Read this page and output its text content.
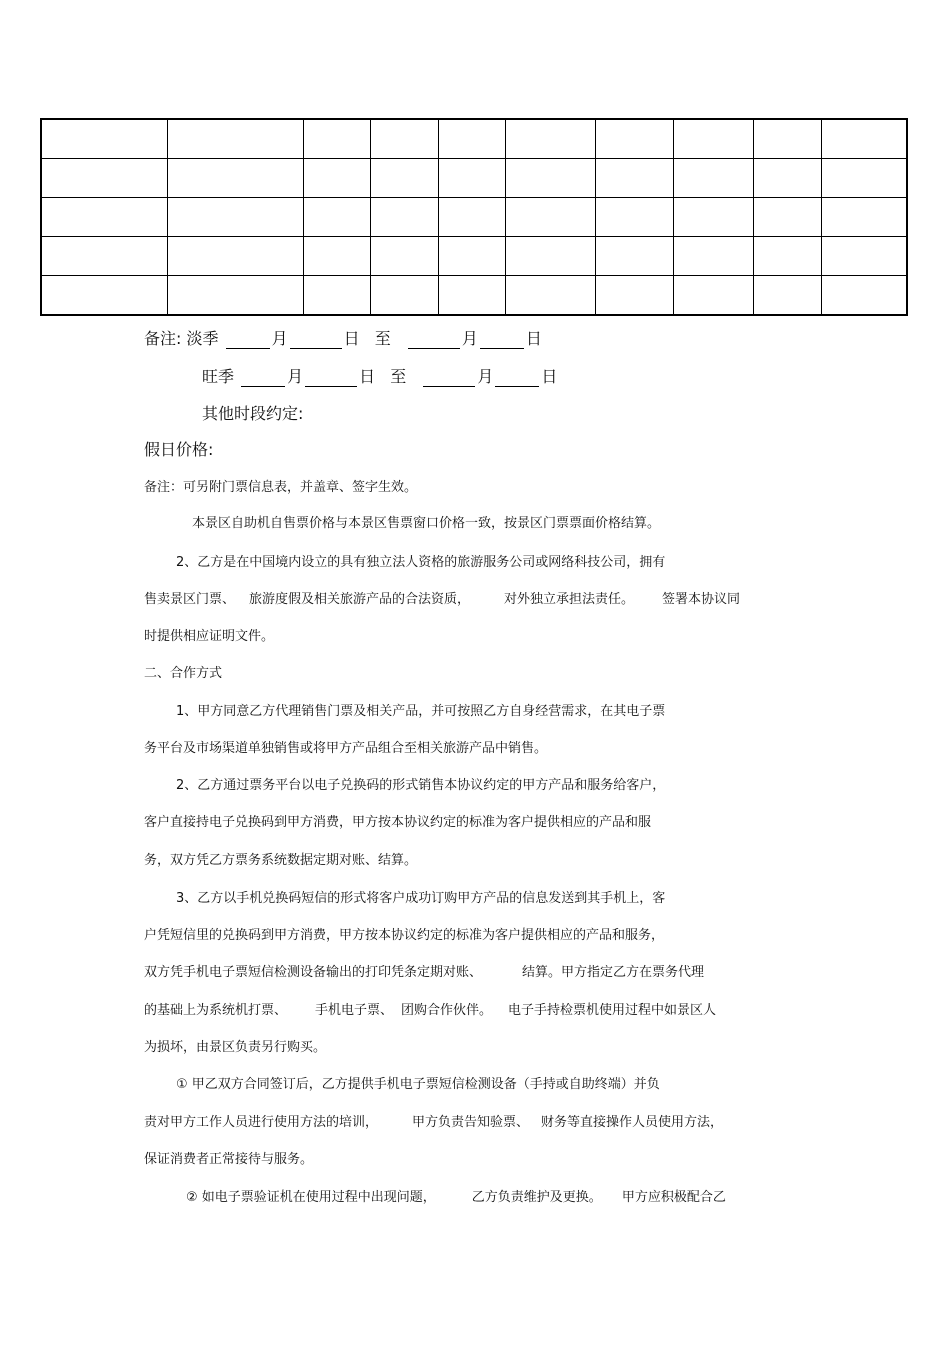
备注: 淡季	月	日 至	月	日
旺季	月	日 至	月	日
其他时段约定:
假日价格:
备注：可另附门票信息表，并盖章、签字生效。
本景区自助机自售票价格与本景区售票窗口价格一致，按景区门票票面价格结算。
2、乙方是在中国境内设立的具有独立法人资格的旅游服务公司或网络科技公司，拥有
售卖景区门票、 旅游度假及相关旅游产品的合法资质，	对外独立承担法责任。 签署本协议同
时提供相应证明文件。
二、合作方式
1、甲方同意乙方代理销售门票及相关产品，并可按照乙方自身经营需求，在其电子票
务平台及市场渠道单独销售或将甲方产品组合至相关旅游产品中销售。
2、乙方通过票务平台以电子兑换码的形式销售本协议约定的甲方产品和服务给客户，
客户直接持电子兑换码到甲方消费，甲方按本协议约定的标准为客户提供相应的产品和服
务，双方凭乙方票务系统数据定期对账、结算。
3、乙方以手机兑换码短信的形式将客户成功订购甲方产品的信息发送到其手机上，客
户凭短信里的兑换码到甲方消费，甲方按本协议约定的标准为客户提供相应的产品和服务，
双方凭手机电子票短信检测设备输出的打印凭条定期对账、	结算。甲方指定乙方在票务代理
的基础上为系统机打票、 手机电子票、 团购合作伙伴。 电子手持检票机使用过程中如景区人
为损坏，由景区负责另行购买。
① 甲乙双方合同签订后，乙方提供手机电子票短信检测设备（手持或自助终端）并负
责对甲方工作人员进行使用方法的培训，	甲方负责告知验票、 财务等直接操作人员使用方法，
保证消费者正常接待与服务。
② 如电子票验证机在使用过程中出现问题，	乙方负责维护及更换。 甲方应积极配合乙
